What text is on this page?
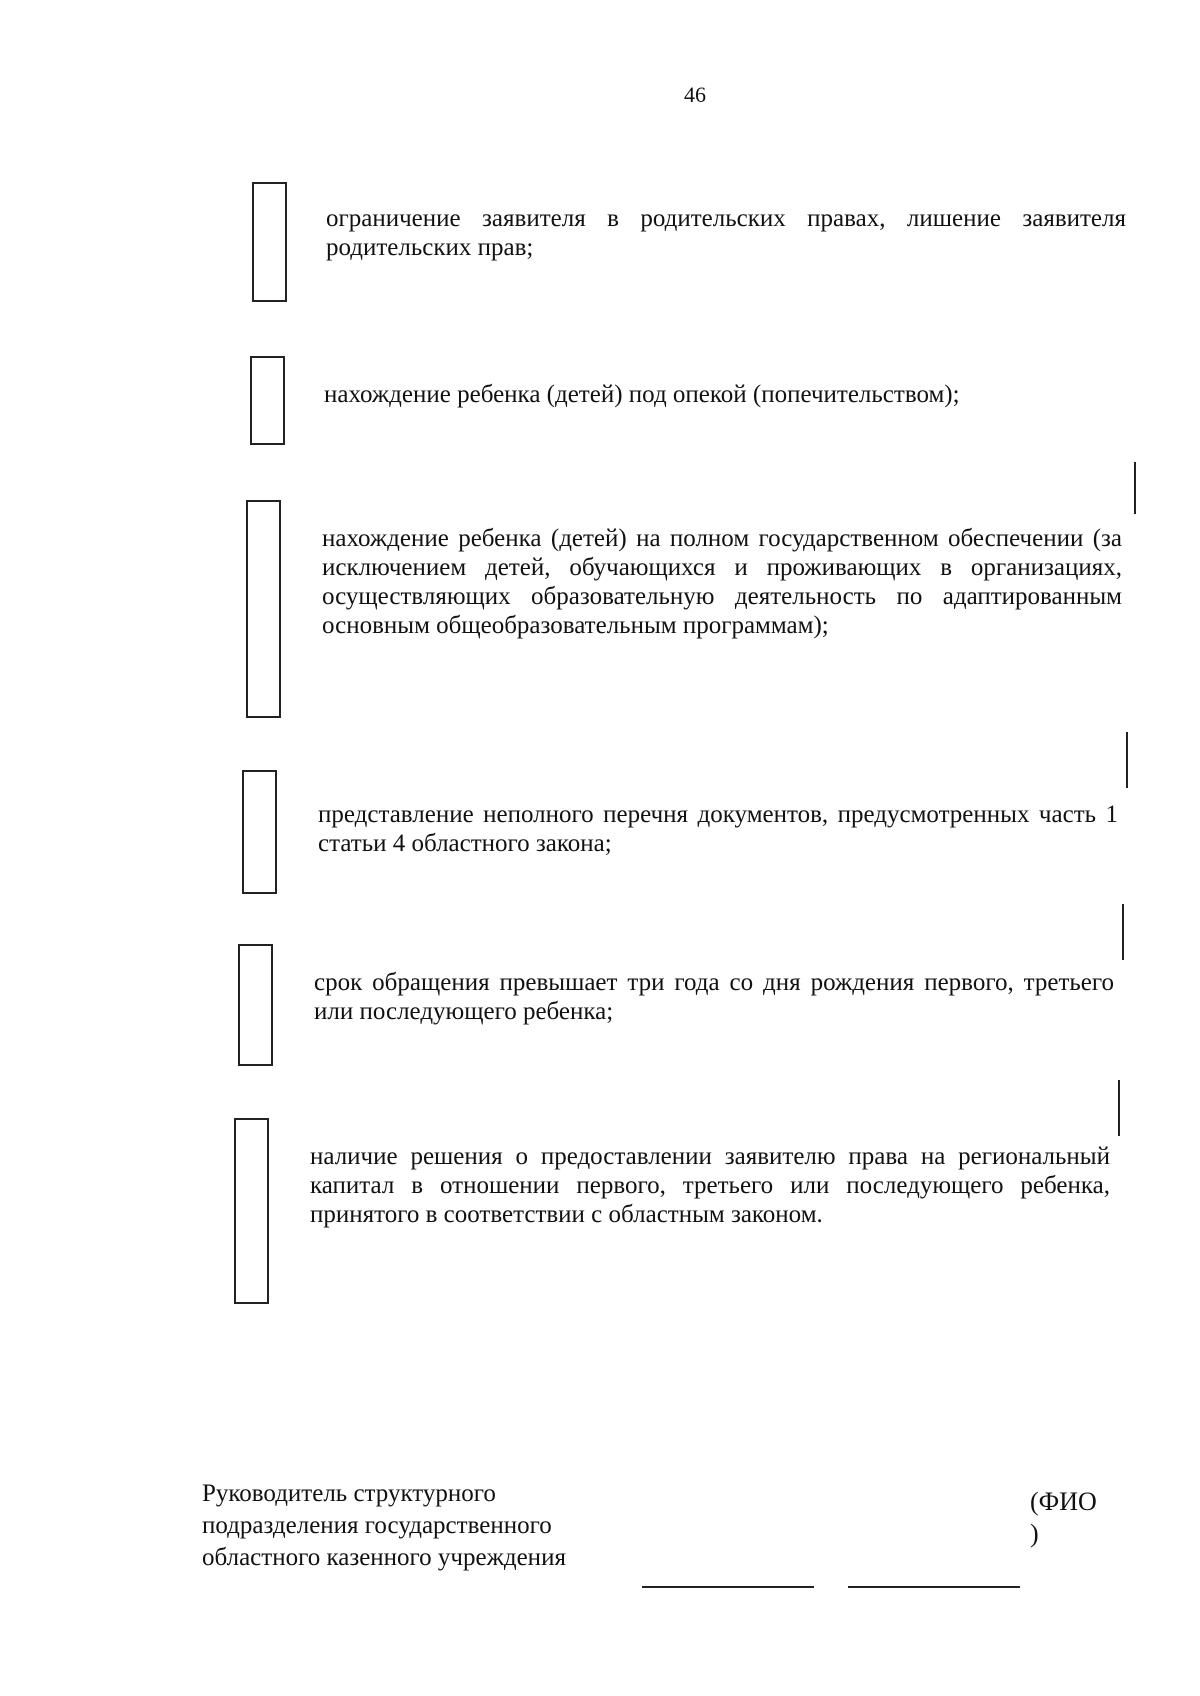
46
ограничение заявителя в родительских правах, лишение заявителя родительских прав;
нахождение ребенка (детей) под опекой (попечительством);
нахождение ребенка (детей) на полном государственном обеспечении (за исключением детей, обучающихся и проживающих в организациях, осуществляющих образовательную деятельность по адаптированным основным общеобразовательным программам);
представление неполного перечня документов, предусмотренных часть 1 статьи 4 областного закона;
срок обращения превышает три года со дня рождения первого, третьего или последующего ребенка;
наличие решения о предоставлении заявителю права на региональный капитал в отношении первого, третьего или последующего ребенка, принятого в соответствии с областным законом.
Руководитель структурного
подразделения государственного
областного казенного учреждения
(ФИО
)
